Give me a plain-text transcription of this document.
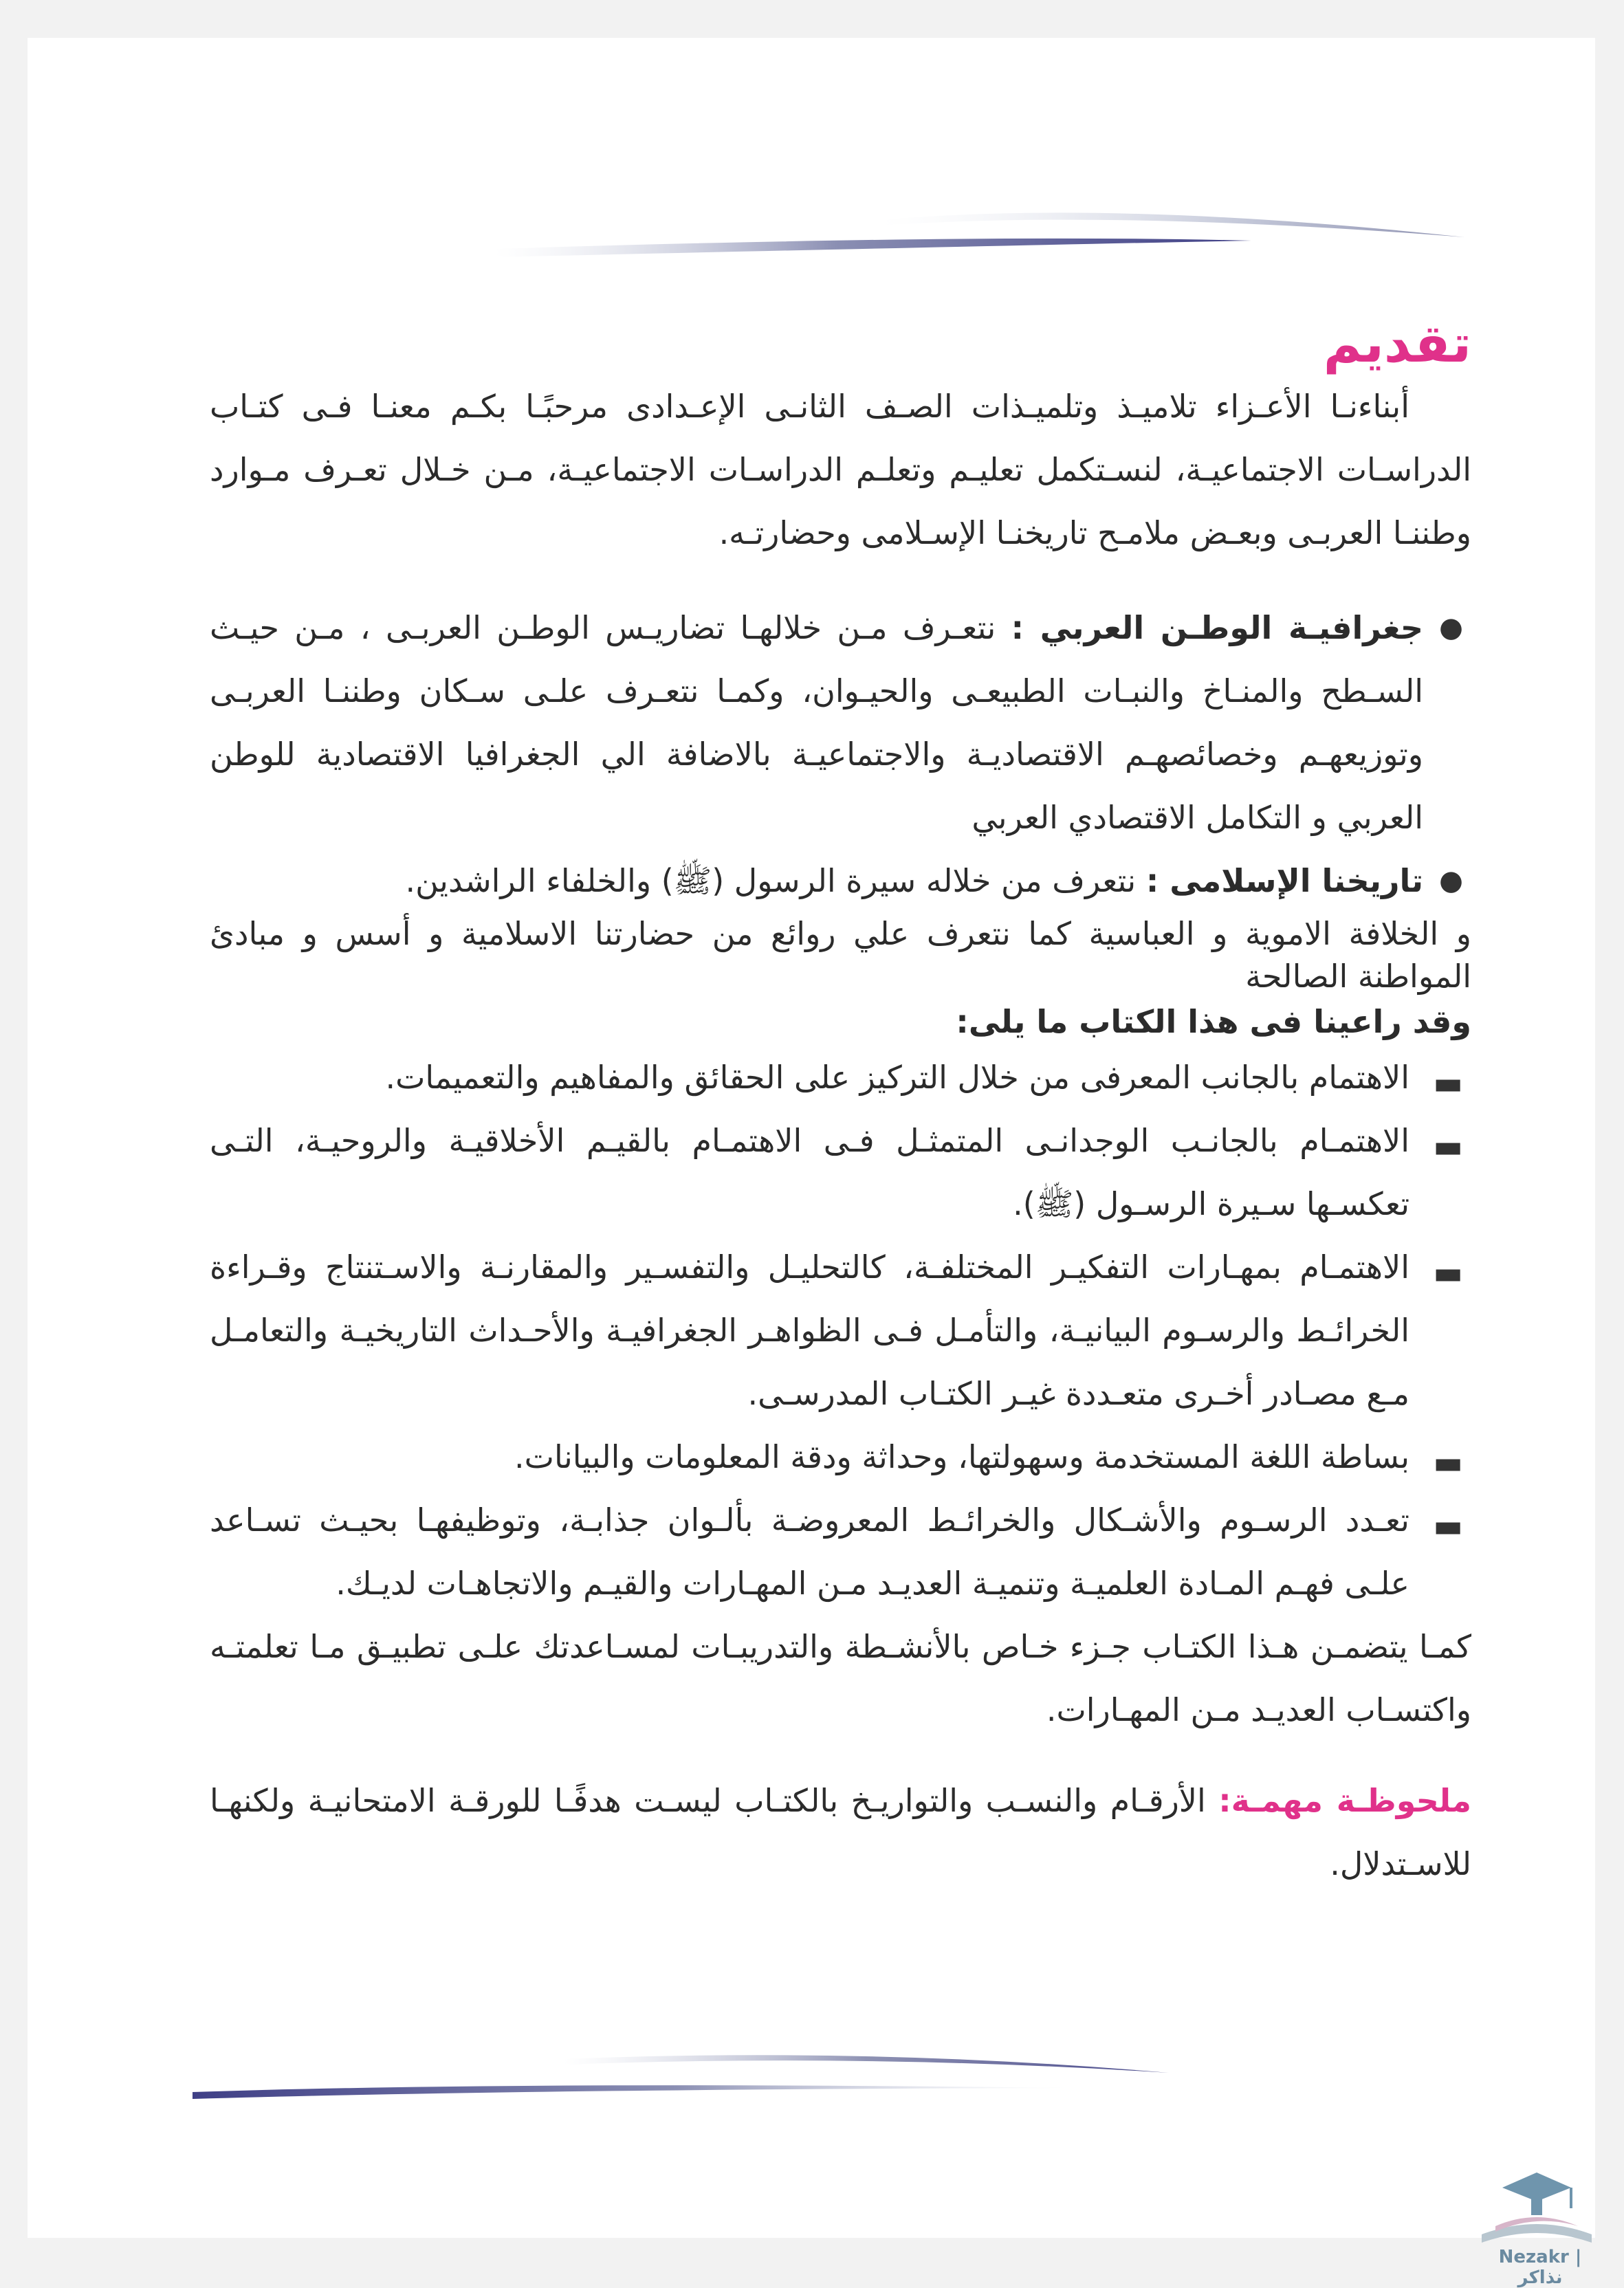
تقديم

أبناءنـا الأعـزاء تلاميـذ وتلميـذات الصـف الثانـى الإعـدادى مرحبًـا بكـم معنـا فـى كتـاب الدراسـات الاجتماعيـة، لنسـتكمل تعليـم وتعلـم الدراسـات الاجتماعيـة، مـن خـلال تعـرف مـوارد وطننـا العربـى وبعـض ملامـح تاريخنـا الإسـلامى وحضارتـه.

●
جغرافيـة الوطـن العربي : نتعـرف مـن خلالهـا تضاريـس الوطـن العربـى ، مـن حيـث السـطح والمنـاخ والنبـات الطبيعـى والحيـوان، وكمـا نتعـرف علـى سـكان وطننـا العربـى وتوزيعهـم وخصائصهـم الاقتصاديـة والاجتماعيـة بالاضافة الي الجغرافيا الاقتصادية للوطن العربي و التكامل الاقتصادي العربي

●
تاريخنا الإسلامى : نتعرف من خلاله سيرة الرسول (ﷺ) والخلفاء الراشدين.

و الخلافة الاموية و العباسية كما نتعرف علي روائع من حضارتنا الاسلامية و أسس و مبادئ المواطنة الصالحة

وقد راعينا فى هذا الكتاب ما يلى:

▬
الاهتمام بالجانب المعرفى من خلال التركيز على الحقائق والمفاهيم والتعميمات.

▬
الاهتمـام بالجانـب الوجدانـى المتمثـل فـى الاهتمـام بالقيـم الأخلاقيـة والروحيـة، التـى تعكسـها سـيرة الرسـول (ﷺ).

▬
الاهتمـام بمهـارات التفكيـر المختلفـة، كالتحليـل والتفسـير والمقارنـة والاسـتنتاج وقـراءة الخرائـط والرسـوم البيانيـة، والتأمـل فـى الظواهـر الجغرافيـة والأحـداث التاريخيـة والتعامـل مـع مصـادر أخـرى متعـددة غيـر الكتـاب المدرسـى.

▬
بساطة اللغة المستخدمة وسهولتها، وحداثة ودقة المعلومات والبيانات.

▬
تعـدد الرسـوم والأشـكال والخرائـط المعروضـة بألـوان جذابـة، وتوظيفهـا بحيـث تسـاعد علـى فهـم المـادة العلميـة وتنميـة العديـد مـن المهـارات والقيـم والاتجاهـات لديـك.

كمـا يتضمـن هـذا الكتـاب جـزء خـاص بالأنشـطة والتدريبـات لمسـاعدتك علـى تطبيـق مـا تعلمتـه واكتسـاب العديـد مـن المهـارات.

ملحوظـة مهمـة: الأرقـام والنسـب والتواريـخ بالكتـاب ليسـت هدفًـا للورقـة الامتحانيـة ولكنهـا للاسـتدلال.

Nezakr | نذاكر
